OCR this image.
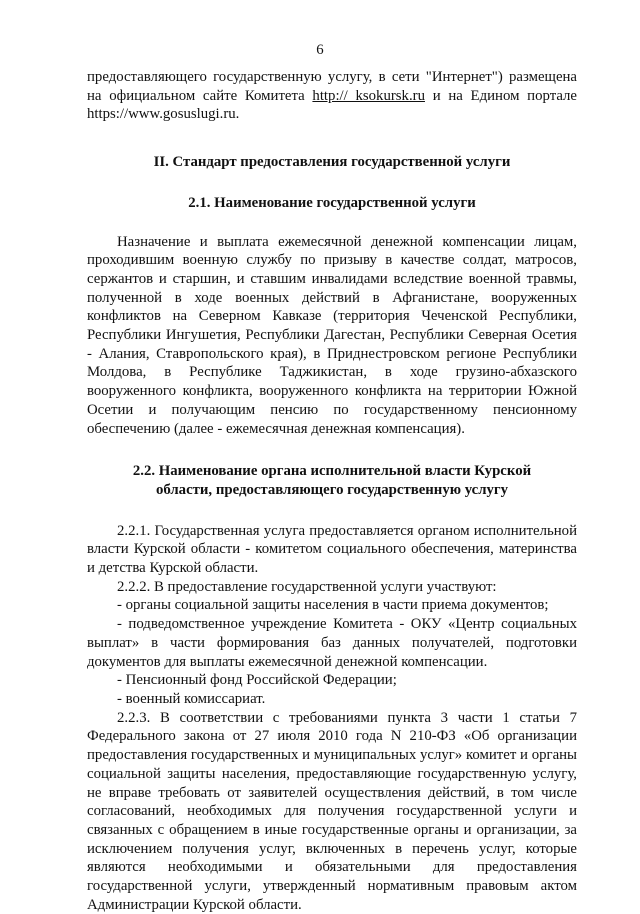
6

предоставляющего государственную услугу, в сети "Интернет") размещена на официальном сайте Комитета http:// ksokursk.ru и на Едином портале https://www.gosuslugi.ru.

II. Стандарт предоставления государственной услуги
2.1. Наименование государственной услуги

Назначение и выплата ежемесячной денежной компенсации лицам, проходившим военную службу по призыву в качестве солдат, матросов, сержантов и старшин, и ставшим инвалидами вследствие военной травмы, полученной в ходе военных действий в Афганистане, вооруженных конфликтов на Северном Кавказе (территория Чеченской Республики, Республики Ингушетия, Республики Дагестан, Республики Северная Осетия - Алания, Ставропольского края), в Приднестровском регионе Республики Молдова, в Республике Таджикистан, в ходе грузино-абхазского вооруженного конфликта, вооруженного конфликта на территории Южной Осетии и получающим пенсию по государственному пенсионному обеспечению (далее - ежемесячная денежная компенсация).

2.2. Наименование органа исполнительной власти Курской
области, предоставляющего государственную услугу

2.2.1. Государственная услуга предоставляется органом исполнительной власти Курской области - комитетом социального обеспечения, материнства и детства Курской области.

2.2.2. В предоставление государственной услуги участвуют:

- органы социальной защиты населения в части приема документов;

- подведомственное учреждение Комитета - ОКУ «Центр социальных выплат» в части формирования баз данных получателей, подготовки документов для выплаты ежемесячной денежной компенсации.

- Пенсионный фонд Российской Федерации;

- военный комиссариат.

2.2.3. В соответствии с требованиями пункта 3 части 1 статьи 7 Федерального закона от 27 июля 2010 года N 210-ФЗ «Об организации предоставления государственных и муниципальных услуг» комитет и органы социальной защиты населения, предоставляющие государственную услугу, не вправе требовать от заявителей осуществления действий, в том числе согласований, необходимых для получения государственной услуги и связанных с обращением в иные государственные органы и организации, за исключением получения услуг, включенных в перечень услуг, которые являются необходимыми и обязательными для предоставления государственной услуги, утвержденный нормативным правовым актом Администрации Курской области.
